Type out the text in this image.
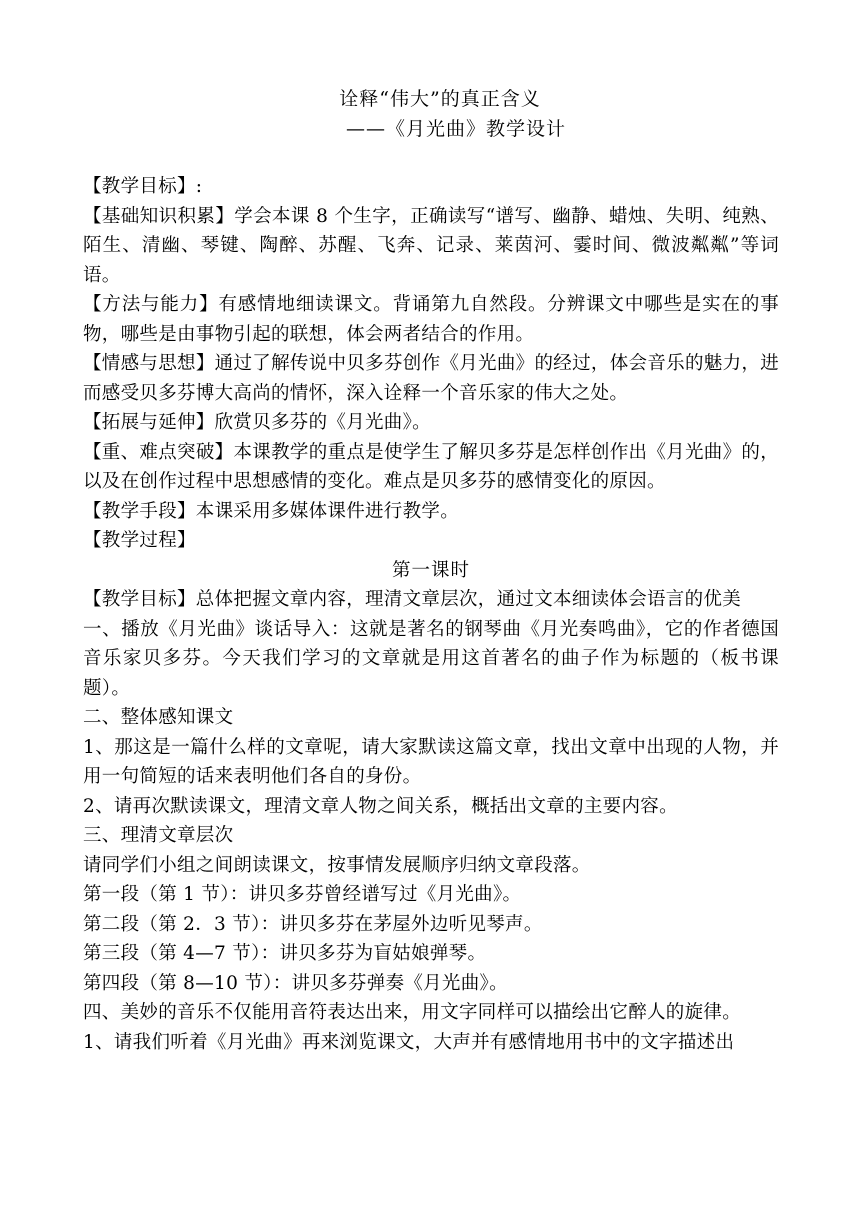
诠释“伟大”的真正含义
——《月光曲》教学设计

【教学目标】:

【基础知识积累】学会本课 8 个生字，正确读写“谱写、幽静、蜡烛、失明、纯熟、陌生、清幽、琴键、陶醉、苏醒、飞奔、记录、莱茵河、霎时间、微波粼粼”等词语。

【方法与能力】有感情地细读课文。背诵第九自然段。分辨课文中哪些是实在的事物，哪些是由事物引起的联想，体会两者结合的作用。

【情感与思想】通过了解传说中贝多芬创作《月光曲》的经过，体会音乐的魅力，进而感受贝多芬博大高尚的情怀，深入诠释一个音乐家的伟大之处。

【拓展与延伸】欣赏贝多芬的《月光曲》。

【重、难点突破】本课教学的重点是使学生了解贝多芬是怎样创作出《月光曲》的，以及在创作过程中思想感情的变化。难点是贝多芬的感情变化的原因。

【教学手段】本课采用多媒体课件进行教学。

【教学过程】

第一课时

【教学目标】总体把握文章内容，理清文章层次，通过文本细读体会语言的优美

一、播放《月光曲》谈话导入：这就是著名的钢琴曲《月光奏鸣曲》，它的作者德国音乐家贝多芬。今天我们学习的文章就是用这首著名的曲子作为标题的（板书课题）。

二、整体感知课文

1、那这是一篇什么样的文章呢，请大家默读这篇文章，找出文章中出现的人物，并用一句简短的话来表明他们各自的身份。

2、请再次默读课文，理清文章人物之间关系，概括出文章的主要内容。

三、理清文章层次

请同学们小组之间朗读课文，按事情发展顺序归纳文章段落。

第一段（第 1 节）：讲贝多芬曾经谱写过《月光曲》。

第二段（第 2．3 节）：讲贝多芬在茅屋外边听见琴声。

第三段（第 4—7 节）：讲贝多芬为盲姑娘弹琴。

第四段（第 8—10 节）：讲贝多芬弹奏《月光曲》。

四、美妙的音乐不仅能用音符表达出来，用文字同样可以描绘出它醉人的旋律。

1、请我们听着《月光曲》再来浏览课文，大声并有感情地用书中的文字描述出
